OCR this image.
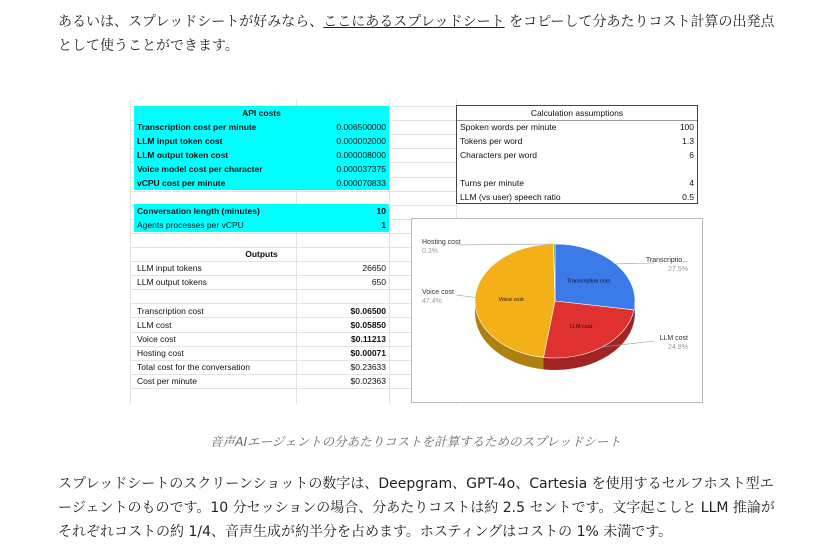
あるいは、スプレッドシートが好みなら、ここにあるスプレッドシート をコピーして分あたりコスト計算の出発点として使うことができます。
API costs
Transcription cost per minute	0.006500000
LLM input token cost	0.000002000
LLM output token cost	0.000008000
Voice model cost per character	0.000037375
vCPU cost per minute	0.000070833
Conversation length (minutes)	10
Agents processes per vCPU	1
Outputs
LLM input tokens	26650
LLM output tokens	650
Transcription cost	$0.06500
LLM cost	$0.05850
Voice cost	$0.11213
Hosting cost	$0.00071
Total cost for the conversation	$0.23633
Cost per minute	$0.02363
Calculation assumptions
Spoken words per minute	100
Tokens per word	1.3
Characters per word	6
Turns per minute	4
LLM (vs user) speech ratio	0.5
Transcription cost
LLM cost
Voice cost
Transcriptio...
27.5%
LLM cost
24.8%
Voice cost
47.4%
Hosting cost
0.3%
音声AIエージェントの分あたりコストを計算するためのスプレッドシート
スプレッドシートのスクリーンショットの数字は、Deepgram、GPT-4o、Cartesia を使用するセルフホスト型エージェントのものです。10 分セッションの場合、分あたりコストは約 2.5 セントです。文字起こしと LLM 推論がそれぞれコストの約 1/4、音声生成が約半分を占めます。ホスティングはコストの 1% 未満です。
